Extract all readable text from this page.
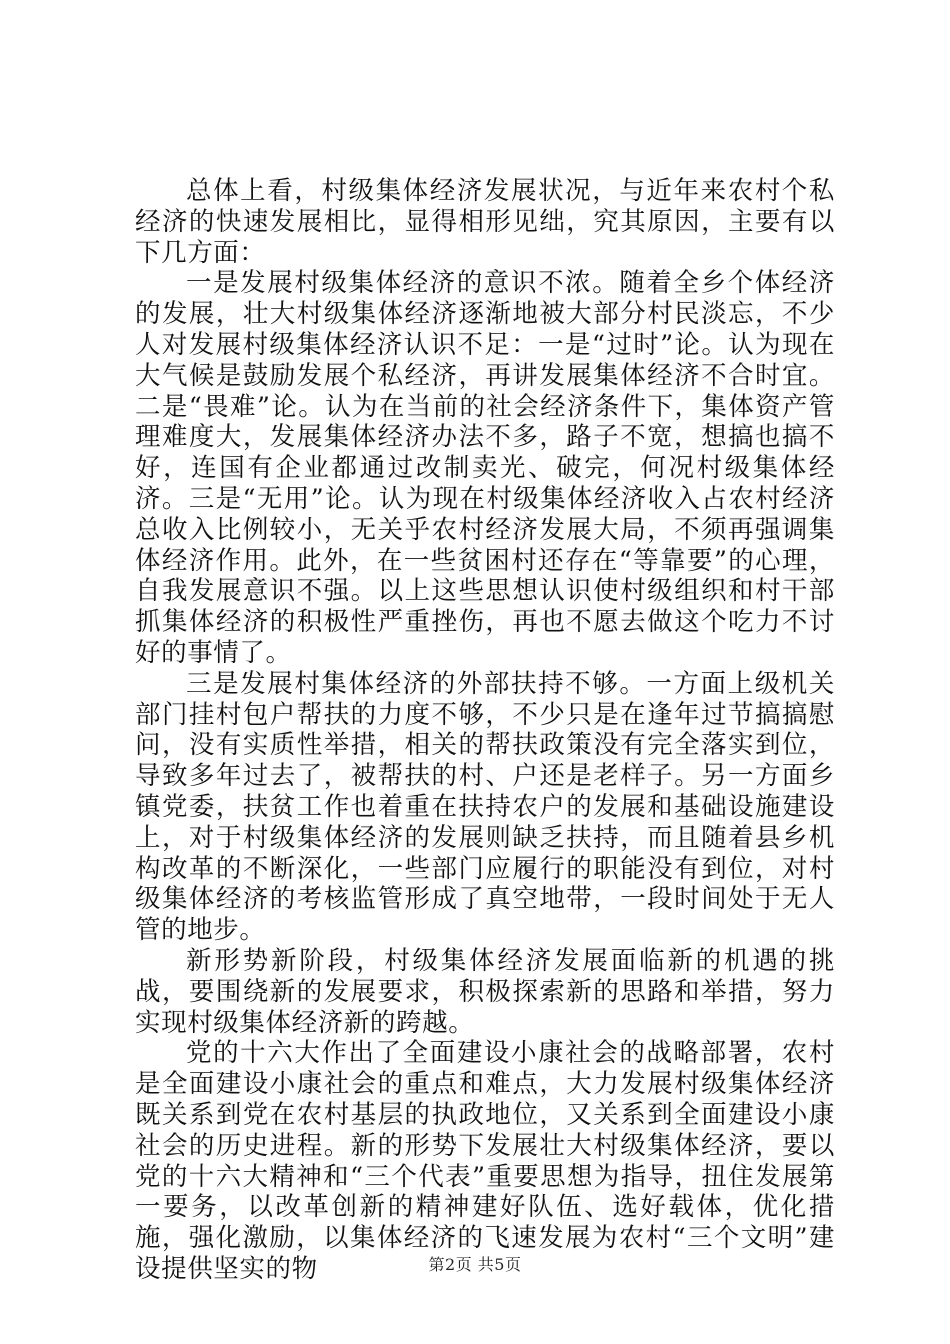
总体上看，村级集体经济发展状况，与近年来农村个私经济的快速发展相比，显得相形见绌，究其原因，主要有以下几方面：

一是发展村级集体经济的意识不浓。随着全乡个体经济的发展，壮大村级集体经济逐渐地被大部分村民淡忘，不少人对发展村级集体经济认识不足：一是“过时”论。认为现在大气候是鼓励发展个私经济，再讲发展集体经济不合时宜。二是“畏难”论。认为在当前的社会经济条件下，集体资产管理难度大，发展集体经济办法不多，路子不宽，想搞也搞不好，连国有企业都通过改制卖光、破完，何况村级集体经济。三是“无用”论。认为现在村级集体经济收入占农村经济总收入比例较小，无关乎农村经济发展大局，不须再强调集体经济作用。此外，在一些贫困村还存在“等靠要”的心理，自我发展意识不强。以上这些思想认识使村级组织和村干部抓集体经济的积极性严重挫伤，再也不愿去做这个吃力不讨好的事情了。

三是发展村集体经济的外部扶持不够。一方面上级机关部门挂村包户帮扶的力度不够，不少只是在逢年过节搞搞慰问，没有实质性举措，相关的帮扶政策没有完全落实到位，导致多年过去了，被帮扶的村、户还是老样子。另一方面乡镇党委，扶贫工作也着重在扶持农户的发展和基础设施建设上，对于村级集体经济的发展则缺乏扶持，而且随着县乡机构改革的不断深化，一些部门应履行的职能没有到位，对村级集体经济的考核监管形成了真空地带，一段时间处于无人管的地步。

新形势新阶段，村级集体经济发展面临新的机遇的挑战，要围绕新的发展要求，积极探索新的思路和举措，努力实现村级集体经济新的跨越。

党的十六大作出了全面建设小康社会的战略部署，农村是全面建设小康社会的重点和难点，大力发展村级集体经济既关系到党在农村基层的执政地位，又关系到全面建设小康社会的历史进程。新的形势下发展壮大村级集体经济，要以党的十六大精神和“三个代表”重要思想为指导，扭住发展第一要务，以改革创新的精神建好队伍、选好载体，优化措施，强化激励，以集体经济的飞速发展为农村“三个文明”建设提供坚实的物	第2页 共5页
